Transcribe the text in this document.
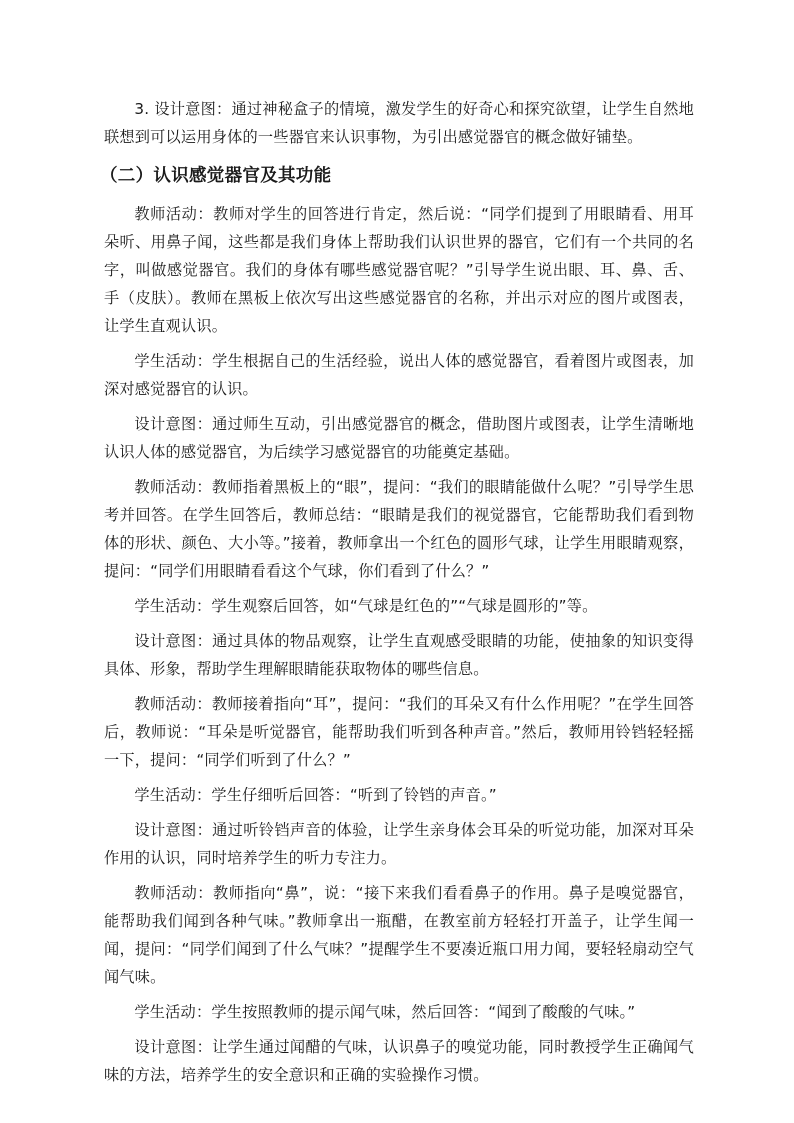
3. 设计意图：通过神秘盒子的情境，激发学生的好奇心和探究欲望，让学生自然地联想到可以运用身体的一些器官来认识事物，为引出感觉器官的概念做好铺垫。

（二）认识感觉器官及其功能

教师活动：教师对学生的回答进行肯定，然后说：“同学们提到了用眼睛看、用耳朵听、用鼻子闻，这些都是我们身体上帮助我们认识世界的器官，它们有一个共同的名字，叫做感觉器官。我们的身体有哪些感觉器官呢？”引导学生说出眼、耳、鼻、舌、手（皮肤）。教师在黑板上依次写出这些感觉器官的名称，并出示对应的图片或图表，让学生直观认识。

学生活动：学生根据自己的生活经验，说出人体的感觉器官，看着图片或图表，加深对感觉器官的认识。

设计意图：通过师生互动，引出感觉器官的概念，借助图片或图表，让学生清晰地认识人体的感觉器官，为后续学习感觉器官的功能奠定基础。

教师活动：教师指着黑板上的“眼”，提问：“我们的眼睛能做什么呢？”引导学生思考并回答。在学生回答后，教师总结：“眼睛是我们的视觉器官，它能帮助我们看到物体的形状、颜色、大小等。”接着，教师拿出一个红色的圆形气球，让学生用眼睛观察，提问：“同学们用眼睛看看这个气球，你们看到了什么？”

学生活动：学生观察后回答，如“气球是红色的”“气球是圆形的”等。

设计意图：通过具体的物品观察，让学生直观感受眼睛的功能，使抽象的知识变得具体、形象，帮助学生理解眼睛能获取物体的哪些信息。

教师活动：教师接着指向“耳”，提问：“我们的耳朵又有什么作用呢？”在学生回答后，教师说：“耳朵是听觉器官，能帮助我们听到各种声音。”然后，教师用铃铛轻轻摇一下，提问：“同学们听到了什么？”

学生活动：学生仔细听后回答：“听到了铃铛的声音。”

设计意图：通过听铃铛声音的体验，让学生亲身体会耳朵的听觉功能，加深对耳朵作用的认识，同时培养学生的听力专注力。

教师活动：教师指向“鼻”，说：“接下来我们看看鼻子的作用。鼻子是嗅觉器官，能帮助我们闻到各种气味。”教师拿出一瓶醋，在教室前方轻轻打开盖子，让学生闻一闻，提问：“同学们闻到了什么气味？”提醒学生不要凑近瓶口用力闻，要轻轻扇动空气闻气味。

学生活动：学生按照教师的提示闻气味，然后回答：“闻到了酸酸的气味。”

设计意图：让学生通过闻醋的气味，认识鼻子的嗅觉功能，同时教授学生正确闻气味的方法，培养学生的安全意识和正确的实验操作习惯。
